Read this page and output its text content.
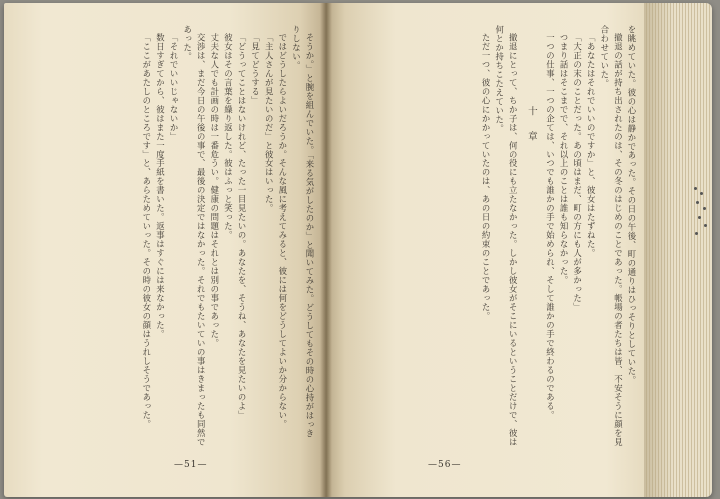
そうか。」と腕を組んでいた。「来る気がしたのか」と聞いてみた。どうしてもその時の心持がはっきりしない。

ではどうしたらよいだろうか。そんな風に考えてみると、彼には何をどうしてよいか分からない。

「主人さんが見たいのだ」と彼女はいった。

「見てどうする」

「どうってことはないけれど、たった一目見たいの。あなたを、そうね、あなたを見たいのよ」

彼女はその言葉を繰り返した。彼はふっと笑った。

丈夫な人でも計画の時は一番危うい。健康の問題はそれとは別の事であった。

交渉は、まだ今日の午後の事で、最後の決定ではなかった。それでもたいていの事はきまったも同然であった。

「それでいいじゃないか」

数日すぎてから、彼はまた一度手紙を書いた。返事はすぐには来なかった。

「ここがあたしのところです」と、あらためていった。その時の彼女の顔はうれしそうであった。

—51—

を眺めていた。彼の心は静かであった。その日の午後、町の通りはひっそりとしていた。

撤退の話が持ち出されたのは、その冬のはじめのことであった。帳場の者たちは皆、不安そうに顔を見合わせていた。

「あなたはそれでいいのですか」と、彼女はたずねた。

「大正の末のことだった。あの頃はまだ、町の方にも人が多かった」

つまり話はそこまでで、それ以上のことは誰も知らなかった。

一つの仕事、一つの企ては、いつでも誰かの手で始められ、そして誰かの手で終わるのである。

十　章

撤退にとって、ちか子は、何の役にも立たなかった。しかし彼女がそこにいるということだけで、彼は何とか持ちこたえていた。

ただ一つ、彼の心にかかっていたのは、あの日の約束のことであった。

—56—
